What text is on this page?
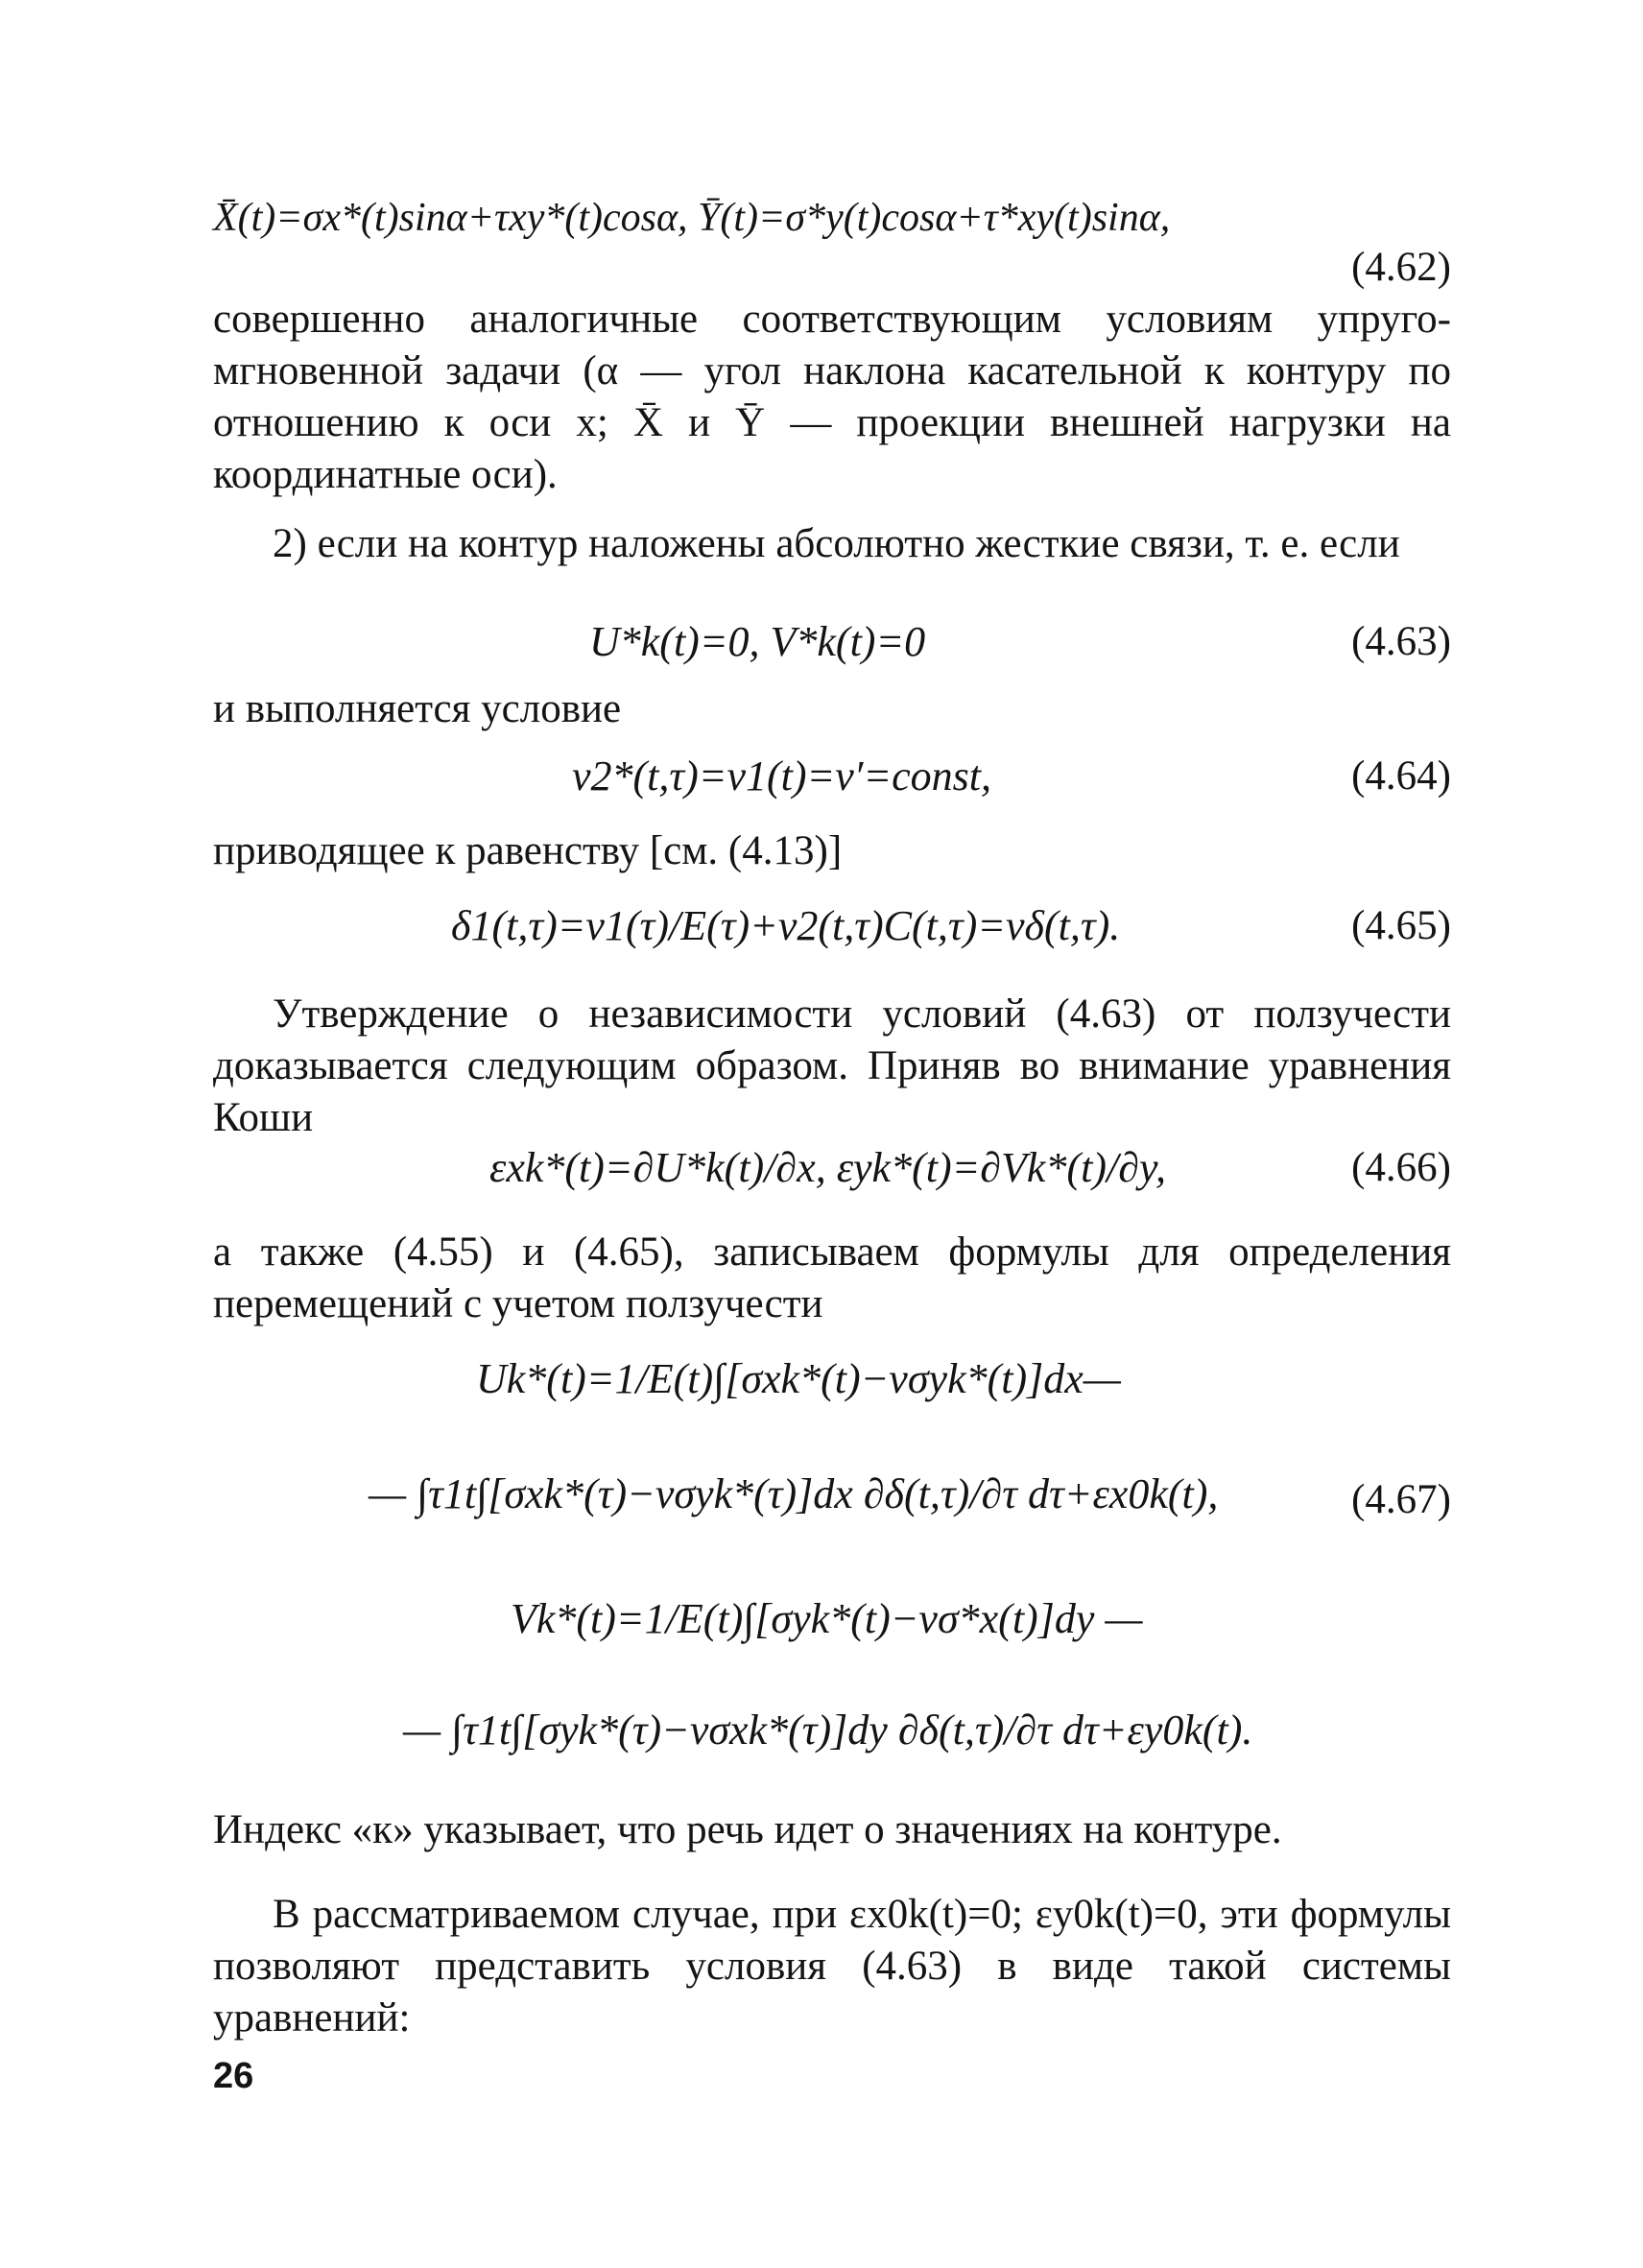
X̄(t)=σx*(t)sinα+τxy*(t)cosα, Ȳ(t)=σ*y(t)cosα+τ*xy(t)sinα,
(4.62)

совершенно аналогичные соответствующим условиям упруго-мгновенной задачи (α — угол наклона касательной к контуру по отношению к оси x; X̄ и Ȳ — проекции внешней нагрузки на координатные оси).

2) если на контур наложены абсолютно жесткие связи, т. е. если

U*k(t)=0, V*k(t)=0	(4.63)

и выполняется условие

ν2*(t,τ)=ν1(t)=ν′=const,	(4.64)

приводящее к равенству [см. (4.13)]

δ1(t,τ)=ν1(τ)/E(τ)+ν2(t,τ)C(t,τ)=νδ(t,τ).	(4.65)

Утверждение о независимости условий (4.63) от ползучести доказывается следующим образом. Приняв во внимание уравнения Коши

εxk*(t)=∂U*k(t)/∂x, εyk*(t)=∂Vk*(t)/∂y,	(4.66)

а также (4.55) и (4.65), записываем формулы для определения перемещений с учетом ползучести

Uk*(t)=1/E(t)∫[σxk*(t)−νσyk*(t)]dx—
— ∫τ1t∫[σxk*(τ)−νσyk*(τ)]dx ∂δ(t,τ)/∂τ dτ+εx0k(t),	(4.67)
Vk*(t)=1/E(t)∫[σyk*(t)−νσ*x(t)]dy —
— ∫τ1t∫[σyk*(τ)−νσxk*(τ)]dy ∂δ(t,τ)/∂τ dτ+εy0k(t).

Индекс «к» указывает, что речь идет о значениях на контуре.

В рассматриваемом случае, при εx0k(t)=0; εy0k(t)=0, эти формулы позволяют представить условия (4.63) в виде такой системы уравнений:

26
